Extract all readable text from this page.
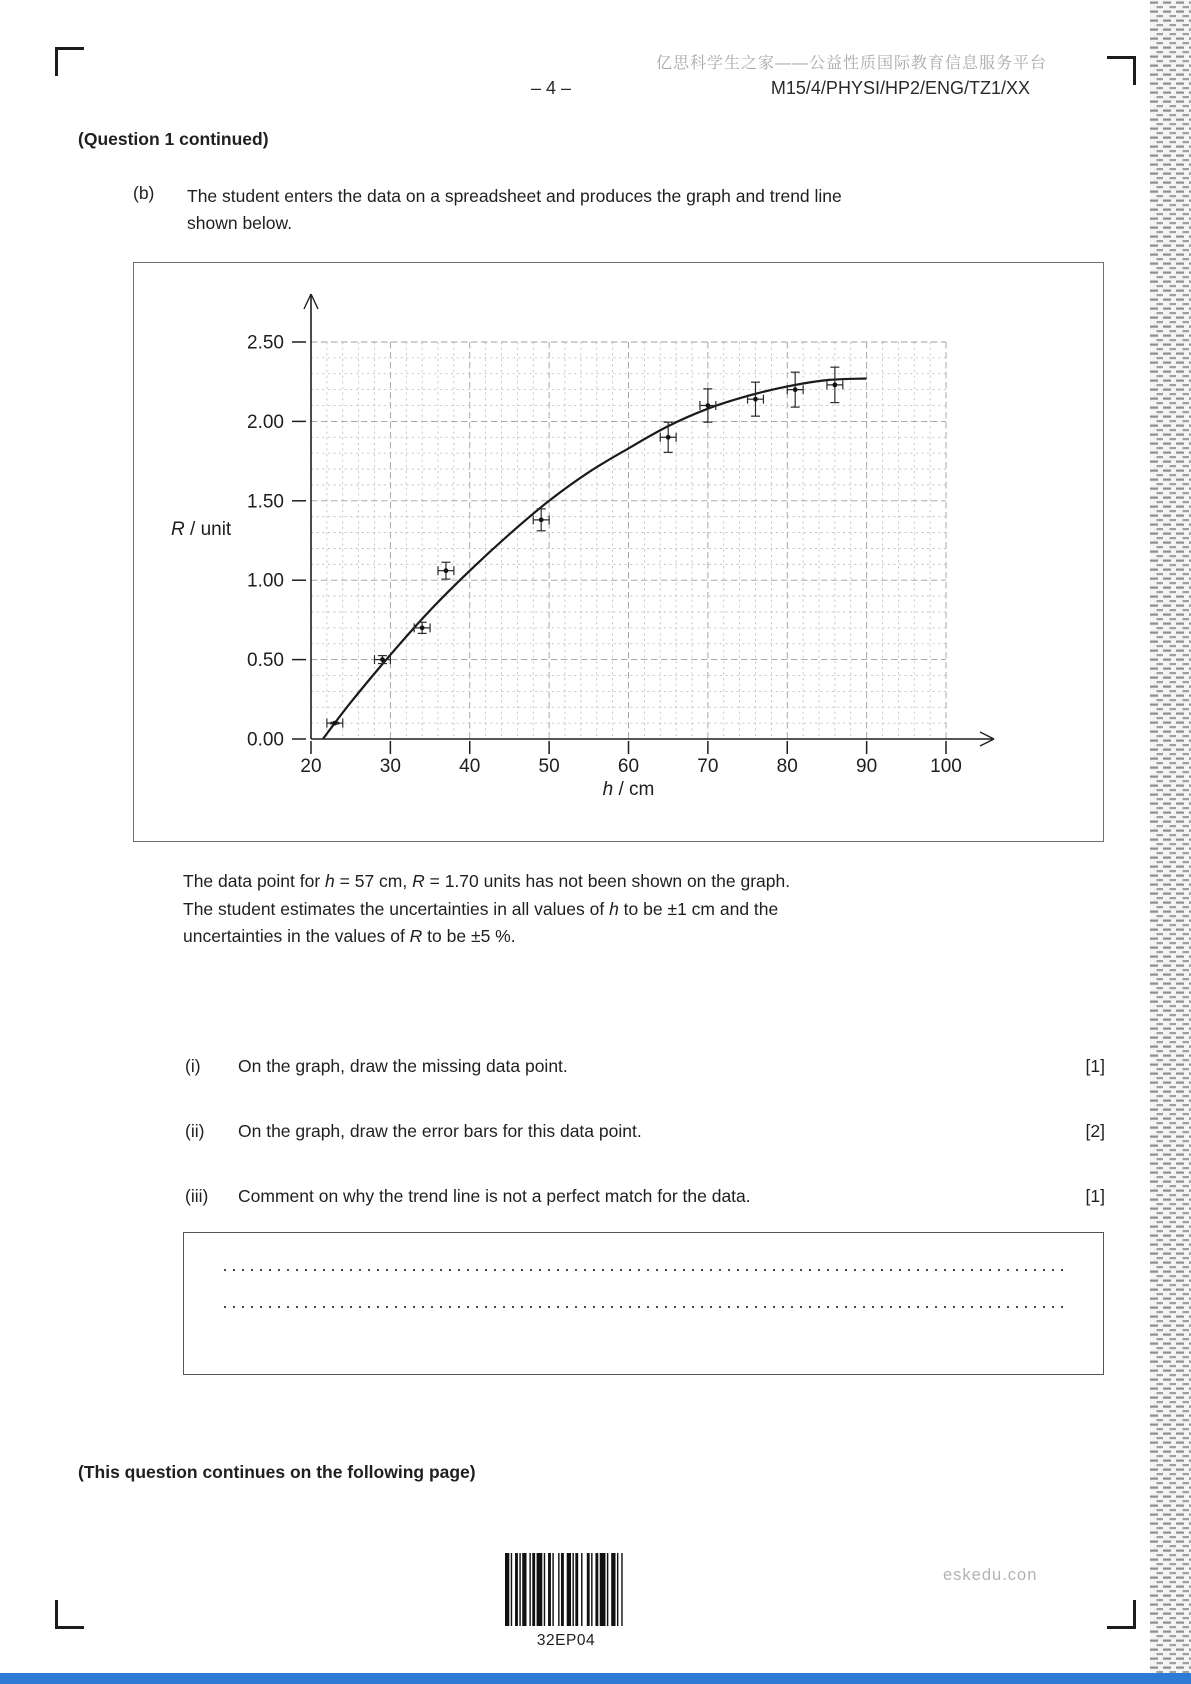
亿思科学生之家——公益性质国际教育信息服务平台
– 4 –	M15/4/PHYSI/HP2/ENG/TZ1/XX
(Question 1 continued)
(b) The student enters the data on a spreadsheet and produces the graph and trend line
shown below.
0.00
0.50
1.00
1.50
2.00
2.50
20	30	40	50	60	70	80	90	100
R / unit
h / cm
The data point for h = 57 cm, R = 1.70 units has not been shown on the graph.
The student estimates the uncertainties in all values of h to be ±1 cm and the
uncertainties in the values of R to be ±5 %.
(i) On the graph, draw the missing data point.	[1]
(ii) On the graph, draw the error bars for this data point.	[2]
(iii) Comment on why the trend line is not a perfect match for the data.	[1]
(This question continues on the following page)
32EP04
eskedu.con
